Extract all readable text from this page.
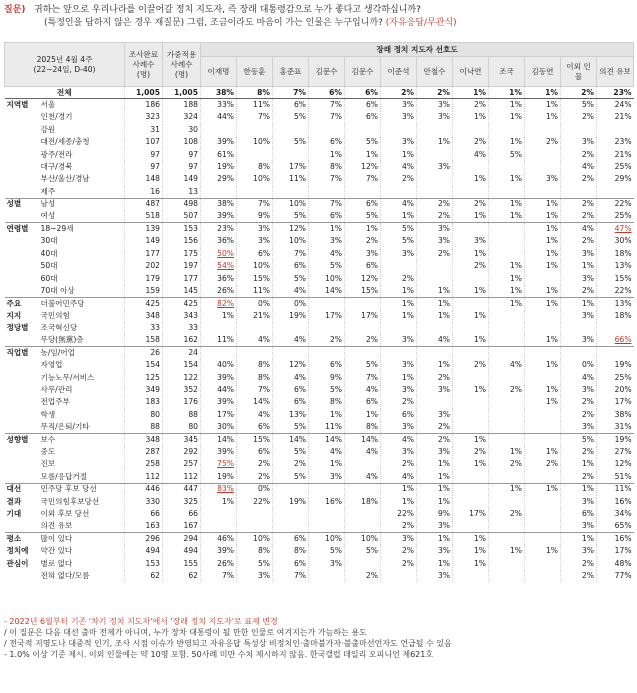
질문) 귀하는 앞으로 우리나라를 이끌어갈 정치 지도자, 즉 장래 대통령감으로 누가 좋다고 생각하십니까?
(특정인을 답하지 않은 경우 재질문) 그럼, 조금이라도 마음이 가는 인물은 누구입니까? (자유응답/무관식)
2025년 4월 4주
(22~24일, D-40)		조사완료 사례수 (명)	가중적용 사례수 (명)	장래 정치 지도자 선호도											
				이재명	한동훈	홍준표	김문수	김문수	이준석	안철수	이낙연	조국	김동연	이외 인물	의견 유보
전체		1,005	1,005	38%	8%	7%	6%	6%	2%	2%	1%	1%	1%	2%	23%
지역별	서울	186	188	33%	11%	6%	7%	6%	3%	3%	2%	1%	1%	5%	24%
	인천/경기	323	324	44%	7%	5%	7%	6%	3%	3%	1%	1%	1%	2%	21%
	강원	31	30												
	대전/세종/충청	107	108	39%	10%	5%	6%	5%	3%	1%	2%	1%	2%	3%	23%
	광주/전라	97	97	61%			1%	1%	1%		4%	5%		2%	21%
	대구/경북	97	97	19%	8%	17%	8%	12%	4%	3%				4%	25%
	부산/울산/경남	148	149	29%	10%	11%	7%	7%	2%		1%	1%	3%	2%	29%
	제주	16	13												
성별	남성	487	498	38%	7%	10%	7%	6%	4%	2%	2%	1%	1%	2%	22%
	여성	518	507	39%	9%	5%	6%	5%	1%	2%	1%	1%	1%	2%	25%
연령별	18~29세	139	153	23%	3%	12%	1%	1%	5%	3%			1%	4%	47%
	30대	149	156	36%	3%	10%	3%	2%	5%	3%	3%		1%	2%	30%
	40대	177	175	50%	6%	7%	4%	3%	3%	2%	1%		1%	3%	18%
	50대	202	197	54%	10%	6%	5%	6%			2%	1%	1%	1%	13%
	60대	179	177	36%	15%	5%	10%	12%	2%			1%		3%	15%
	70대 이상	159	145	26%	11%	4%	14%	15%	1%	1%	1%	1%	1%	2%	22%
주요	더불어민주당	425	425	82%	0%	0%			1%	1%		1%	1%	1%	13%
지지	국민의힘	348	343	1%	21%	19%	17%	17%	1%	1%	1%			3%	18%
정당별	조국혁신당	33	33												
	무당(無黨)층	158	162	11%	4%	4%	2%	2%	3%	4%	1%		1%	3%	66%
직업별	농/임/어업	26	24												
	자영업	154	154	40%	8%	12%	6%	5%	3%	1%	2%	4%	1%	0%	19%
	기능노무/서비스	125	122	39%	8%	4%	9%	7%	1%	2%				4%	25%
	사무/관리	349	352	44%	7%	6%	5%	4%	3%	3%	1%	2%	1%	3%	20%
	전업주부	183	176	39%	14%	6%	8%	6%	2%				1%	2%	17%
	학생	80	88	17%	4%	13%	1%	1%	6%	3%				2%	38%
	무직/은퇴/기타	88	80	30%	6%	5%	11%	8%	3%	2%				3%	31%
성향별	보수	348	345	14%	15%	14%	14%	14%	4%	2%	1%			5%	19%
	중도	287	292	39%	6%	5%	4%	4%	3%	3%	2%	1%	1%	2%	27%
	진보	258	257	75%	2%	2%	1%		2%	1%	1%	2%	2%	1%	12%
	모름/응답거절	112	112	19%	2%	5%	3%	4%	4%	1%				2%	51%
대선	민주당 후보 당선	446	447	83%	0%				1%	1%		1%	1%	1%	11%
결과	국민의힘후보당선	330	325	1%	22%	19%	16%	18%	1%	1%				3%	16%
기대	이외 후보 당선	66	66						22%	9%	17%	2%		6%	34%
	의견 유보	163	167						2%	3%				3%	65%
평소	많이 있다	296	294	46%	10%	6%	10%	10%	3%	1%	1%			1%	16%
정치에	약간 있다	494	494	39%	8%	8%	5%	5%	2%	3%	1%	1%	1%	3%	17%
관심이	별로 없다	153	155	26%	5%	6%	3%		2%	1%	1%			2%	48%
	전혀 없다/모름	62	62	7%	3%	7%		2%		3%				2%	77%
- 2022년 6월부터 기존 '차기 정치 지도자'에서 '장래 정치 지도자'로 표제 변경
/ 이 질문은 다음 대선 출마 전제가 아니며, 누가 장차 대통령이 될 만한 인물로 여겨지는가 가늠하는 용도
/ 전국적 지명도나 대중적 인기, 조사 시점 이슈가 반영되고 자유응답 특성상 비정치인·출마불가자·불출마선언자도 언급될 수 있음
- 1.0% 이상 기준 제시. 이외 인물에는 약 10명 포함. 50사례 미만 수치 제시하지 않음. 한국갤럽 데일리 오피니언 제621호
